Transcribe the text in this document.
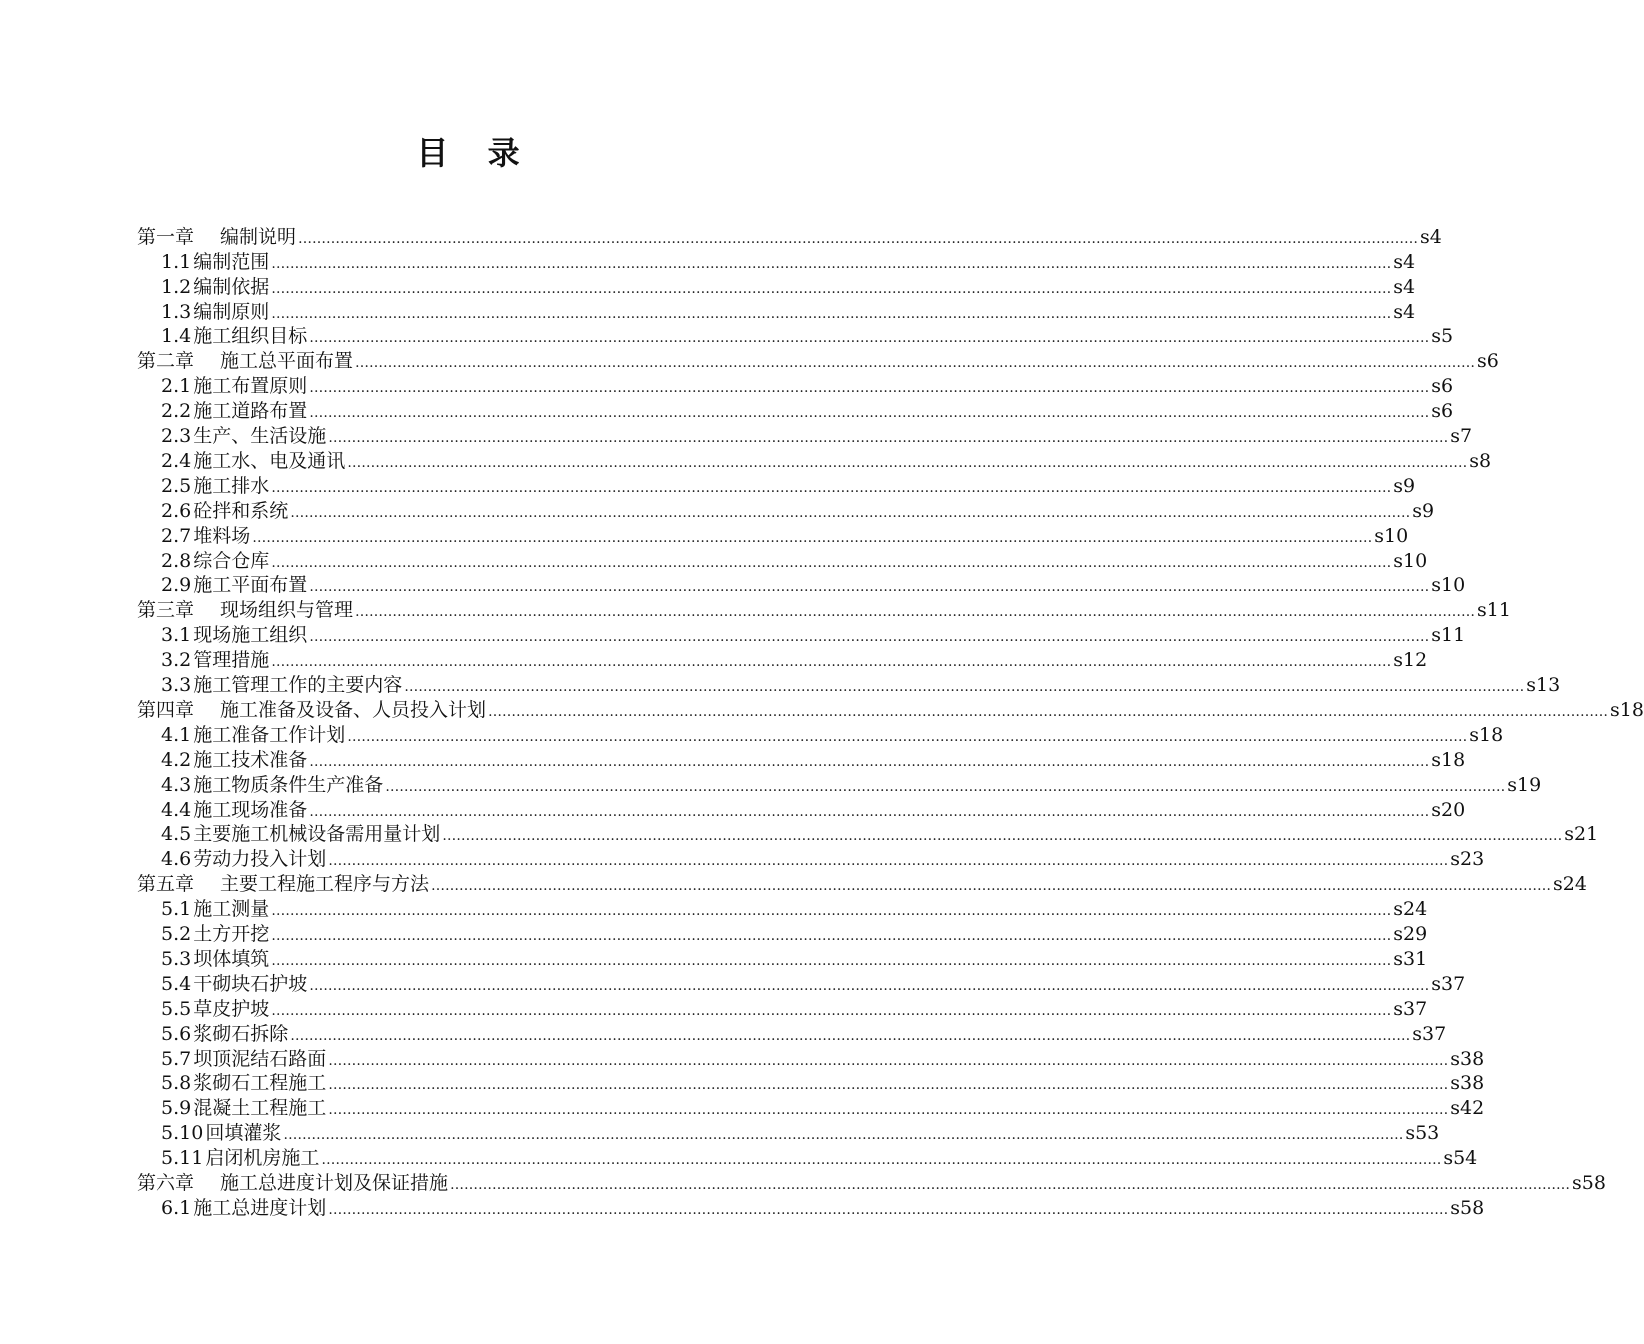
目 录
第一章 编制说明 …………………………………………………………………………………………………………………………………………………………………………………………………………………… s4
1.1 编制范围 …………………………………………………………………………………………………………………………………………………………………………………………………………………… s4
1.2 编制依据 …………………………………………………………………………………………………………………………………………………………………………………………………………………… s4
1.3 编制原则 …………………………………………………………………………………………………………………………………………………………………………………………………………………… s4
1.4 施工组织目标 …………………………………………………………………………………………………………………………………………………………………………………………………………………… s5
第二章 施工总平面布置 …………………………………………………………………………………………………………………………………………………………………………………………………………………… s6
2.1 施工布置原则 …………………………………………………………………………………………………………………………………………………………………………………………………………………… s6
2.2 施工道路布置 …………………………………………………………………………………………………………………………………………………………………………………………………………………… s6
2.3 生产、生活设施 …………………………………………………………………………………………………………………………………………………………………………………………………………………… s7
2.4 施工水、电及通讯 …………………………………………………………………………………………………………………………………………………………………………………………………………………… s8
2.5 施工排水 …………………………………………………………………………………………………………………………………………………………………………………………………………………… s9
2.6 砼拌和系统 …………………………………………………………………………………………………………………………………………………………………………………………………………………… s9
2.7 堆料场 …………………………………………………………………………………………………………………………………………………………………………………………………………………… s10
2.8 综合仓库 …………………………………………………………………………………………………………………………………………………………………………………………………………………… s10
2.9 施工平面布置 …………………………………………………………………………………………………………………………………………………………………………………………………………………… s10
第三章 现场组织与管理 …………………………………………………………………………………………………………………………………………………………………………………………………………………… s11
3.1 现场施工组织 …………………………………………………………………………………………………………………………………………………………………………………………………………………… s11
3.2 管理措施 …………………………………………………………………………………………………………………………………………………………………………………………………………………… s12
3.3 施工管理工作的主要内容 …………………………………………………………………………………………………………………………………………………………………………………………………………………… s13
第四章 施工准备及设备、人员投入计划 …………………………………………………………………………………………………………………………………………………………………………………………………………………… s18
4.1 施工准备工作计划 …………………………………………………………………………………………………………………………………………………………………………………………………………………… s18
4.2 施工技术准备 …………………………………………………………………………………………………………………………………………………………………………………………………………………… s18
4.3 施工物质条件生产准备 …………………………………………………………………………………………………………………………………………………………………………………………………………………… s19
4.4 施工现场准备 …………………………………………………………………………………………………………………………………………………………………………………………………………………… s20
4.5 主要施工机械设备需用量计划 …………………………………………………………………………………………………………………………………………………………………………………………………………………… s21
4.6 劳动力投入计划 …………………………………………………………………………………………………………………………………………………………………………………………………………………… s23
第五章 主要工程施工程序与方法 …………………………………………………………………………………………………………………………………………………………………………………………………………………… s24
5.1 施工测量 …………………………………………………………………………………………………………………………………………………………………………………………………………………… s24
5.2 土方开挖 …………………………………………………………………………………………………………………………………………………………………………………………………………………… s29
5.3 坝体填筑 …………………………………………………………………………………………………………………………………………………………………………………………………………………… s31
5.4 干砌块石护坡 …………………………………………………………………………………………………………………………………………………………………………………………………………………… s37
5.5 草皮护坡 …………………………………………………………………………………………………………………………………………………………………………………………………………………… s37
5.6 浆砌石拆除 …………………………………………………………………………………………………………………………………………………………………………………………………………………… s37
5.7 坝顶泥结石路面 …………………………………………………………………………………………………………………………………………………………………………………………………………………… s38
5.8 浆砌石工程施工 …………………………………………………………………………………………………………………………………………………………………………………………………………………… s38
5.9 混凝土工程施工 …………………………………………………………………………………………………………………………………………………………………………………………………………………… s42
5.10 回填灌浆 …………………………………………………………………………………………………………………………………………………………………………………………………………………… s53
5.11 启闭机房施工 …………………………………………………………………………………………………………………………………………………………………………………………………………………… s54
第六章 施工总进度计划及保证措施 …………………………………………………………………………………………………………………………………………………………………………………………………………………… s58
6.1 施工总进度计划 …………………………………………………………………………………………………………………………………………………………………………………………………………………… s58
